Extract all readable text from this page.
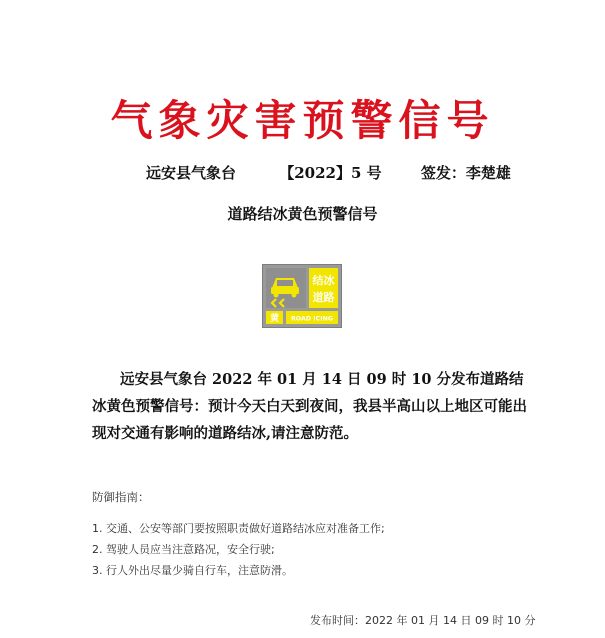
气象灾害预警信号
远安县气象台	【2022】5 号	签发：李楚雄
道路结冰黄色预警信号
结冰
道路
黄 ROAD ICING
远安县气象台 2022 年 01 月 14 日 09 时 10 分发布道路结冰黄色预警信号：预计今天白天到夜间，我县半高山以上地区可能出现对交通有影响的道路结冰,请注意防范。
防御指南：
1. 交通、公安等部门要按照职责做好道路结冰应对准备工作;
2. 驾驶人员应当注意路况，安全行驶;
3. 行人外出尽量少骑自行车，注意防滑。
发布时间：2022 年 01 月 14 日 09 时 10 分
